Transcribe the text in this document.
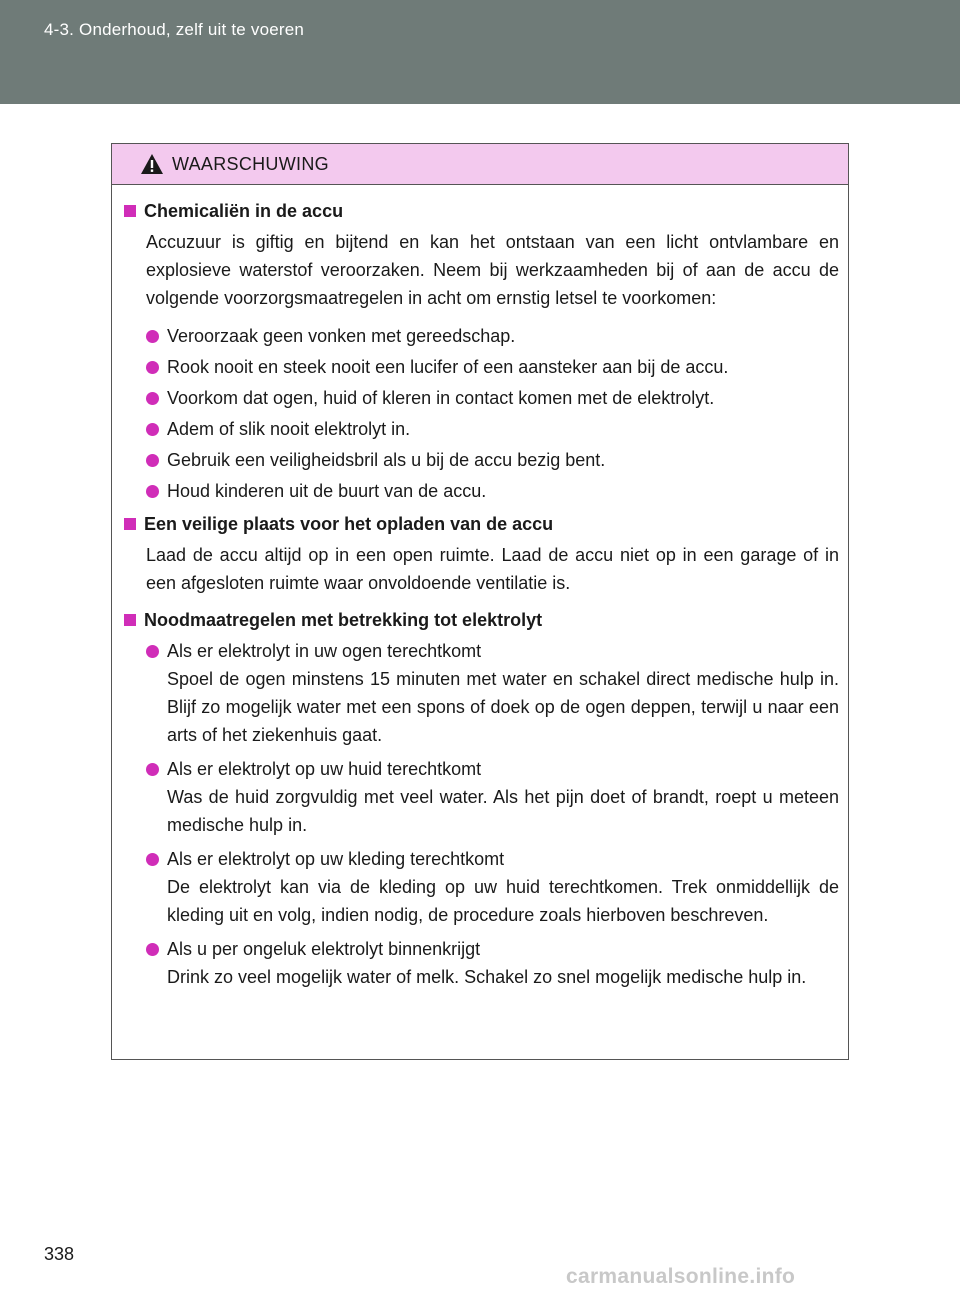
4-3. Onderhoud, zelf uit te voeren
WAARSCHUWING
Chemicaliën in de accu
Accuzuur is giftig en bijtend en kan het ontstaan van een licht ontvlambare en explosieve waterstof veroorzaken. Neem bij werkzaamheden bij of aan de accu de volgende voorzorgsmaatregelen in acht om ernstig letsel te voorkomen:
Veroorzaak geen vonken met gereedschap.
Rook nooit en steek nooit een lucifer of een aansteker aan bij de accu.
Voorkom dat ogen, huid of kleren in contact komen met de elektrolyt.
Adem of slik nooit elektrolyt in.
Gebruik een veiligheidsbril als u bij de accu bezig bent.
Houd kinderen uit de buurt van de accu.
Een veilige plaats voor het opladen van de accu
Laad de accu altijd op in een open ruimte. Laad de accu niet op in een garage of in een afgesloten ruimte waar onvoldoende ventilatie is.
Noodmaatregelen met betrekking tot elektrolyt
Als er elektrolyt in uw ogen terechtkomt
Spoel de ogen minstens 15 minuten met water en schakel direct medische hulp in. Blijf zo mogelijk water met een spons of doek op de ogen deppen, terwijl u naar een arts of het ziekenhuis gaat.
Als er elektrolyt op uw huid terechtkomt
Was de huid zorgvuldig met veel water. Als het pijn doet of brandt, roept u meteen medische hulp in.
Als er elektrolyt op uw kleding terechtkomt
De elektrolyt kan via de kleding op uw huid terechtkomen. Trek onmiddellijk de kleding uit en volg, indien nodig, de procedure zoals hierboven beschreven.
Als u per ongeluk elektrolyt binnenkrijgt
Drink zo veel mogelijk water of melk. Schakel zo snel mogelijk medische hulp in.
338
carmanualsonline.info
